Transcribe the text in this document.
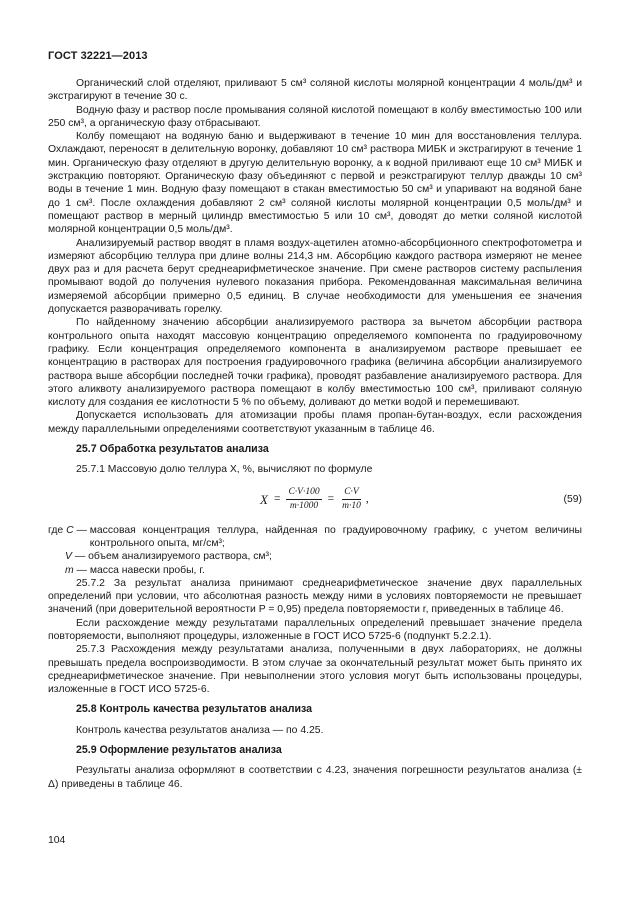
ГОСТ 32221—2013

Органический слой отделяют, приливают 5 см³ соляной кислоты молярной концентрации 4 моль/дм³ и экстрагируют в течение 30 с.

Водную фазу и раствор после промывания соляной кислотой помещают в колбу вместимостью 100 или 250 см³, а органическую фазу отбрасывают.

Колбу помещают на водяную баню и выдерживают в течение 10 мин для восстановления теллура. Охлаждают, переносят в делительную воронку, добавляют 10 см³ раствора МИБК и экстрагируют в течение 1 мин. Органическую фазу отделяют в другую делительную воронку, а к водной приливают еще 10 см³ МИБК и экстракцию повторяют. Органическую фазу объединяют с первой и реэкстрагируют теллур дважды 10 см³ воды в течение 1 мин. Водную фазу помещают в стакан вместимостью 50 см³ и упаривают на водяной бане до 1 см³. После охлаждения добавляют 2 см³ соляной кислоты молярной концентрации 0,5 моль/дм³ и помещают раствор в мерный цилиндр вместимостью 5 или 10 см³, доводят до метки соляной кислотой молярной концентрации 0,5 моль/дм³.

Анализируемый раствор вводят в пламя воздух-ацетилен атомно-абсорбционного спектрофотометра и измеряют абсорбцию теллура при длине волны 214,3 нм. Абсорбцию каждого раствора измеряют не менее двух раз и для расчета берут среднеарифметическое значение. При смене растворов систему распыления промывают водой до получения нулевого показания прибора. Рекомендованная максимальная величина измеряемой абсорбции примерно 0,5 единиц. В случае необходимости для уменьшения ее значения допускается разворачивать горелку.

По найденному значению абсорбции анализируемого раствора за вычетом абсорбции раствора контрольного опыта находят массовую концентрацию определяемого компонента по градуировочному графику. Если концентрация определяемого компонента в анализируемом растворе превышает ее концентрацию в растворах для построения градуировочного графика (величина абсорбции анализируемого раствора выше абсорбции последней точки графика), проводят разбавление анализируемого раствора. Для этого аликвоту анализируемого раствора помещают в колбу вместимостью 100 см³, приливают соляную кислоту для создания ее кислотности 5 % по объему, доливают до метки водой и перемешивают.

Допускается использовать для атомизации пробы пламя пропан-бутан-воздух, если расхождения между параллельными определениями соответствуют указанным в таблице 46.

25.7 Обработка результатов анализа

25.7.1 Массовую долю теллура X, %, вычисляют по формуле

$X = \frac{C\cdot V\cdot 100}{m\cdot 1000} = \frac{C\cdot V}{m\cdot 10}$ ,	(59)
где C — массовая концентрация теллура, найденная по градуировочному графику, с учетом величины контрольного опыта, мг/см³;
V — объем анализируемого раствора, см³;
m — масса навески пробы, г.

25.7.2 За результат анализа принимают среднеарифметическое значение двух параллельных определений при условии, что абсолютная разность между ними в условиях повторяемости не превышает значений (при доверительной вероятности P = 0,95) предела повторяемости r, приведенных в таблице 46.

Если расхождение между результатами параллельных определений превышает значение предела повторяемости, выполняют процедуры, изложенные в ГОСТ ИСО 5725-6 (подпункт 5.2.2.1).

25.7.3 Расхождения между результатами анализа, полученными в двух лабораториях, не должны превышать предела воспроизводимости. В этом случае за окончательный результат может быть принято их среднеарифметическое значение. При невыполнении этого условия могут быть использованы процедуры, изложенные в ГОСТ ИСО 5725-6.

25.8 Контроль качества результатов анализа

Контроль качества результатов анализа — по 4.25.

25.9 Оформление результатов анализа

Результаты анализа оформляют в соответствии с 4.23, значения погрешности результатов анализа (± Δ) приведены в таблице 46.

104
